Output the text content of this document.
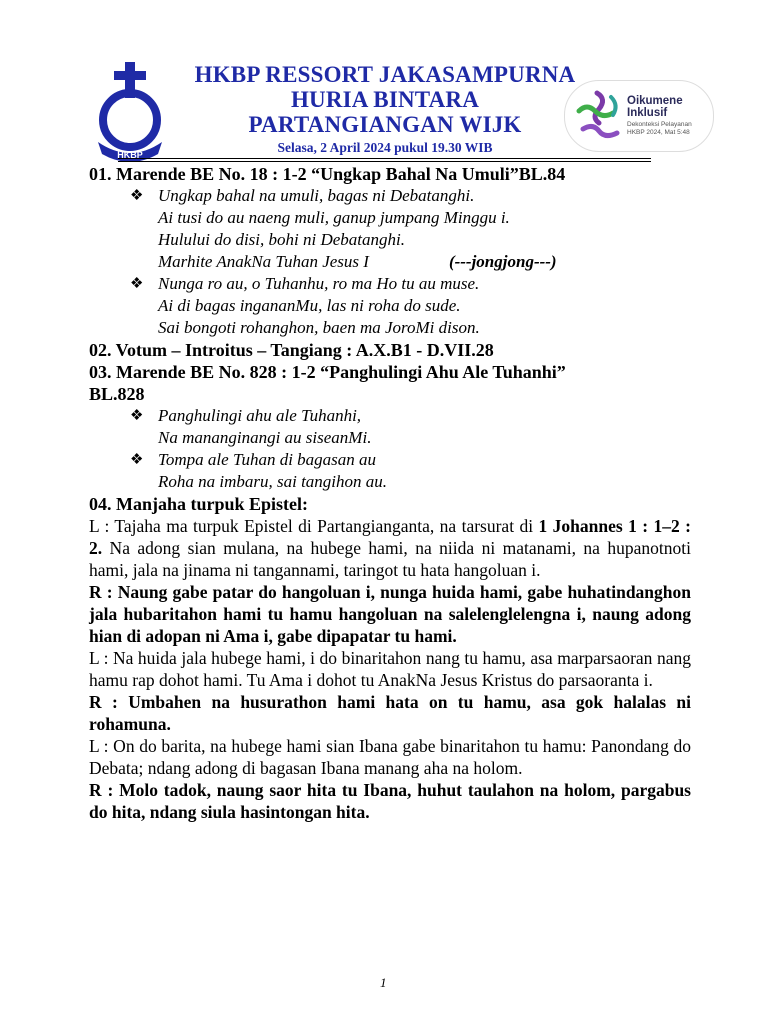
HKBP
HKBP RESSORT JAKASAMPURNA
HURIA BINTARA
PARTANGIANGAN WIJK
Selasa, 2 April 2024 pukul 19.30 WIB
Oikumene
Inklusif
Dekonteksi Pelayanan HKBP 2024, Mat 5:48

01. Marende BE No. 18 : 1-2 “Ungkap Bahal Na Umuli”BL.84

❖ Ungkap bahal na umuli, bagas ni Debatanghi.
Ai tusi do au naeng muli, ganup jumpang Minggu i.
Hulului do disi, bohi ni Debatanghi.
Marhite AnakNa Tuhan Jesus I	(---jongjong---)
❖ Nunga ro au, o Tuhanhu, ro ma Ho tu au muse.
Ai di bagas inganan​Mu, las ni roha do sude.
Sai bongoti rohanghon, baen ma JoroMi dison.

02. Votum – Introitus – Tangiang : A.X.B1 - D.VII.28

03. Marende BE No. 828 : 1-2 “Panghulingi Ahu Ale Tuhanhi”

BL.828

❖ Panghulingi ahu ale Tuhanhi,
Na mananginangi au siseanMi.
❖ Tompa ale Tuhan di bagasan au
Roha na imbaru, sai tangihon au.

04. Manjaha turpuk Epistel:

L : Tajaha ma turpuk Epistel di Partangianganta, na tarsurat di 1 Johannes 1 : 1–2 : 2. Na adong sian mulana, na hubege hami, na niida ni matanami, na hupanotnoti hami, jala na jinama ni tangannami, taringot tu hata hangoluan i.

R : Naung gabe patar do hangoluan i, nunga huida hami, gabe huhatindanghon jala hubaritahon hami tu hamu hangoluan na salelenglelengna i, naung adong hian di adopan ni Ama i, gabe dipapatar tu hami.

L : Na huida jala hubege hami, i do binaritahon nang tu hamu, asa marparsaoran nang hamu rap dohot hami. Tu Ama i dohot tu AnakNa Jesus Kristus do parsaoranta i.

R : Umbahen na husurathon hami hata on tu hamu, asa gok halalas ni rohamuna.

L : On do barita, na hubege hami sian Ibana gabe binaritahon tu hamu: Panondang do Debata; ndang adong di bagasan Ibana manang aha na holom.

R : Molo tadok, naung saor hita tu Ibana, huhut taulahon na holom, pargabus do hita, ndang siula hasintongan hita.

1
